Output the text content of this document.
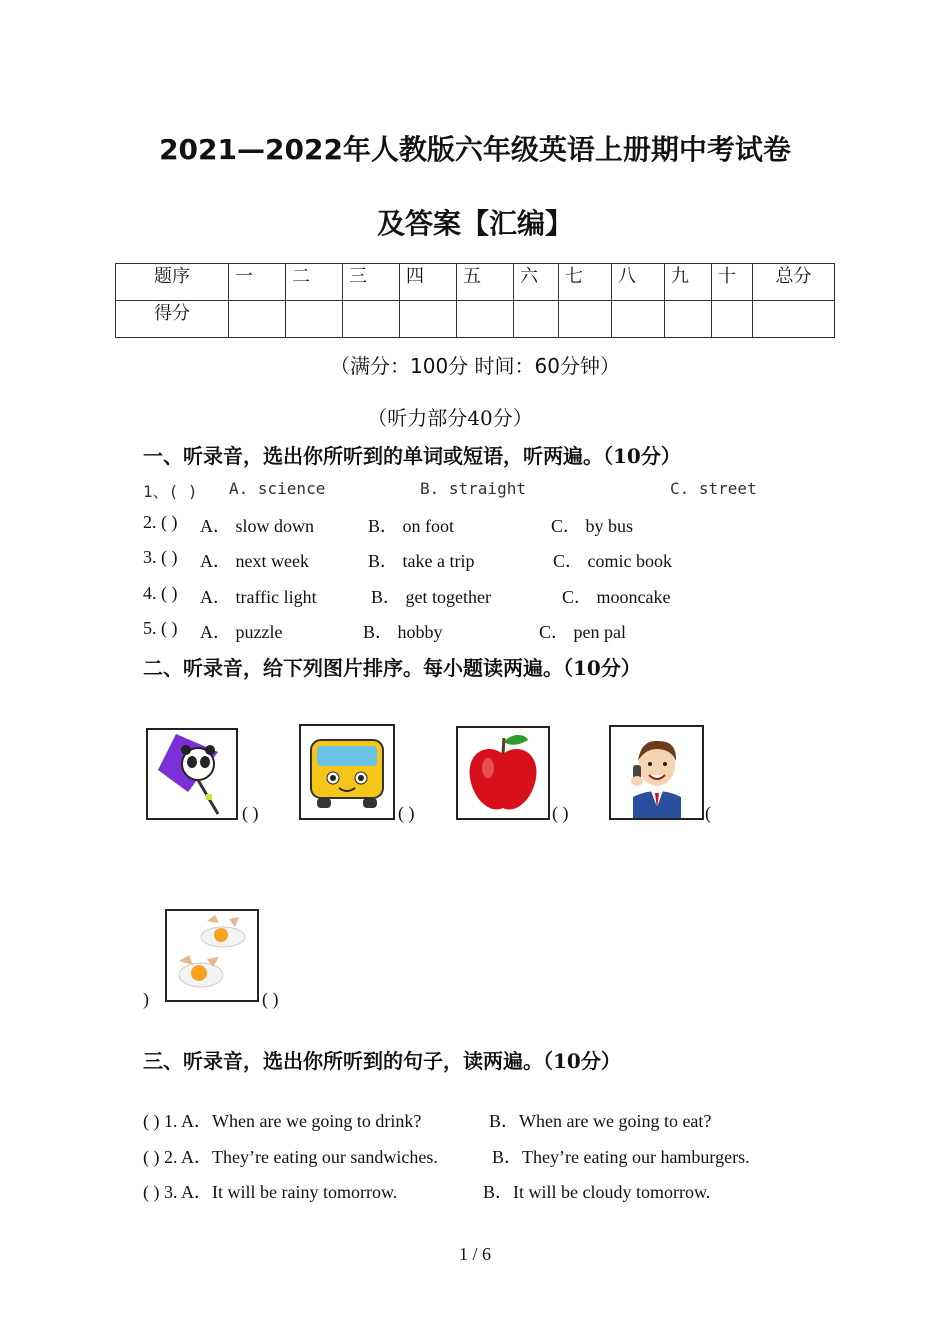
2021—2022年人教版六年级英语上册期中考试卷
及答案【汇编】
题序	一	二	三	四	五	六	七	八	九	十	总分
得分											
（满分：100分 时间：60分钟）
（听力部分40分）
一、听录音，选出你所听到的单词或短语，听两遍。（10分）
1、( ) A. science	B. straight	C. street
2. ( ) A． slow down	B． on foot	C． by bus
3. ( ) A． next week	B． take a trip	C． comic book
4. ( ) A． traffic light	B． get together	C． mooncake
5. ( ) A． puzzle	B． hobby	C． pen pal
二、听录音，给下列图片排序。每小题读两遍。（10分）
( )	( )	( )	(
)	( )
三、听录音，选出你所听到的句子，读两遍。（10分）
( ) 1. A．When are we going to drink?	B．When are we going to eat?
( ) 2. A．They’re eating our sandwiches.	B．They’re eating our hamburgers.
( ) 3. A．It will be rainy tomorrow.	B．It will be cloudy tomorrow.
1 / 6
